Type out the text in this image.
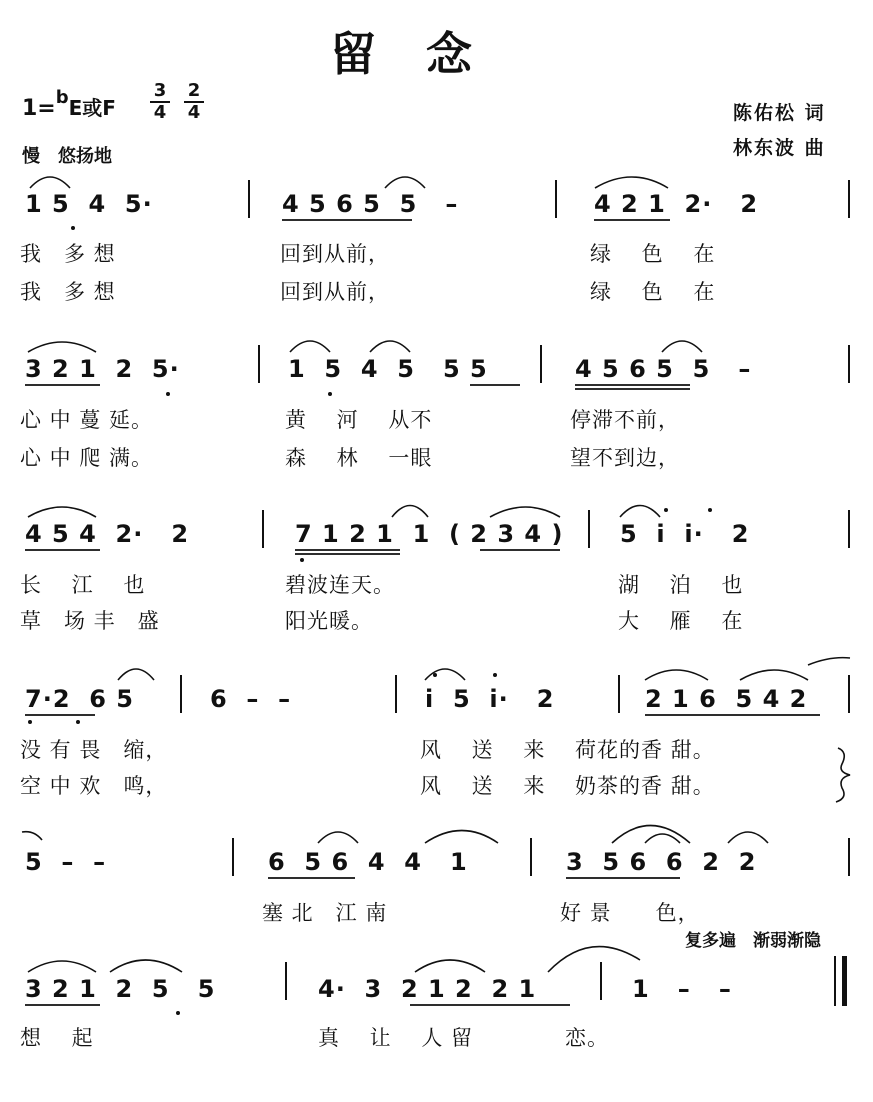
留　念
1=$^b$E或F
3
4
2
4
慢　悠扬地
陈佑松 词
林东波 曲
1 5  4  5·	4 5 6 5  5   –	4 2 1  2·   2
我　多 想	回到从前，	绿　 色　 在
我　多 想	回到从前，	绿　 色　 在
3 2 1  2  5·	1  5  4  5   5 5	4 5 6 5  5   –
心 中 蔓 延。	黄　 河　 从不	停滞不前，
心 中 爬 满。	森　 林　 一眼	望不到边，
4 5 4  2·   2	7 1 2 1  1  ( 2 3 4 ) 5  i  i·   2
长　 江　 也	碧波连天。	湖　 泊　 也
草　场 丰　盛	阳光暖。	大　 雁　 在
7·2  6 5	6  –  –	i  5  i·   2	2 1 6  5 4 2
没 有 畏　缩，	风　 送　 来　 荷花的香 甜。
空 中 欢　鸣，	风　 送　 来　 奶茶的香 甜。
5  –  –	6  5 6  4  4   1	3  5 6  6  2  2
塞 北　江 南	好 景　　色，
复多遍　渐弱渐隐
3 2 1  2  5   5	4·  3  2 1 2  2 1	1   –   –
想　 起	真　 让　 人 留	恋。
